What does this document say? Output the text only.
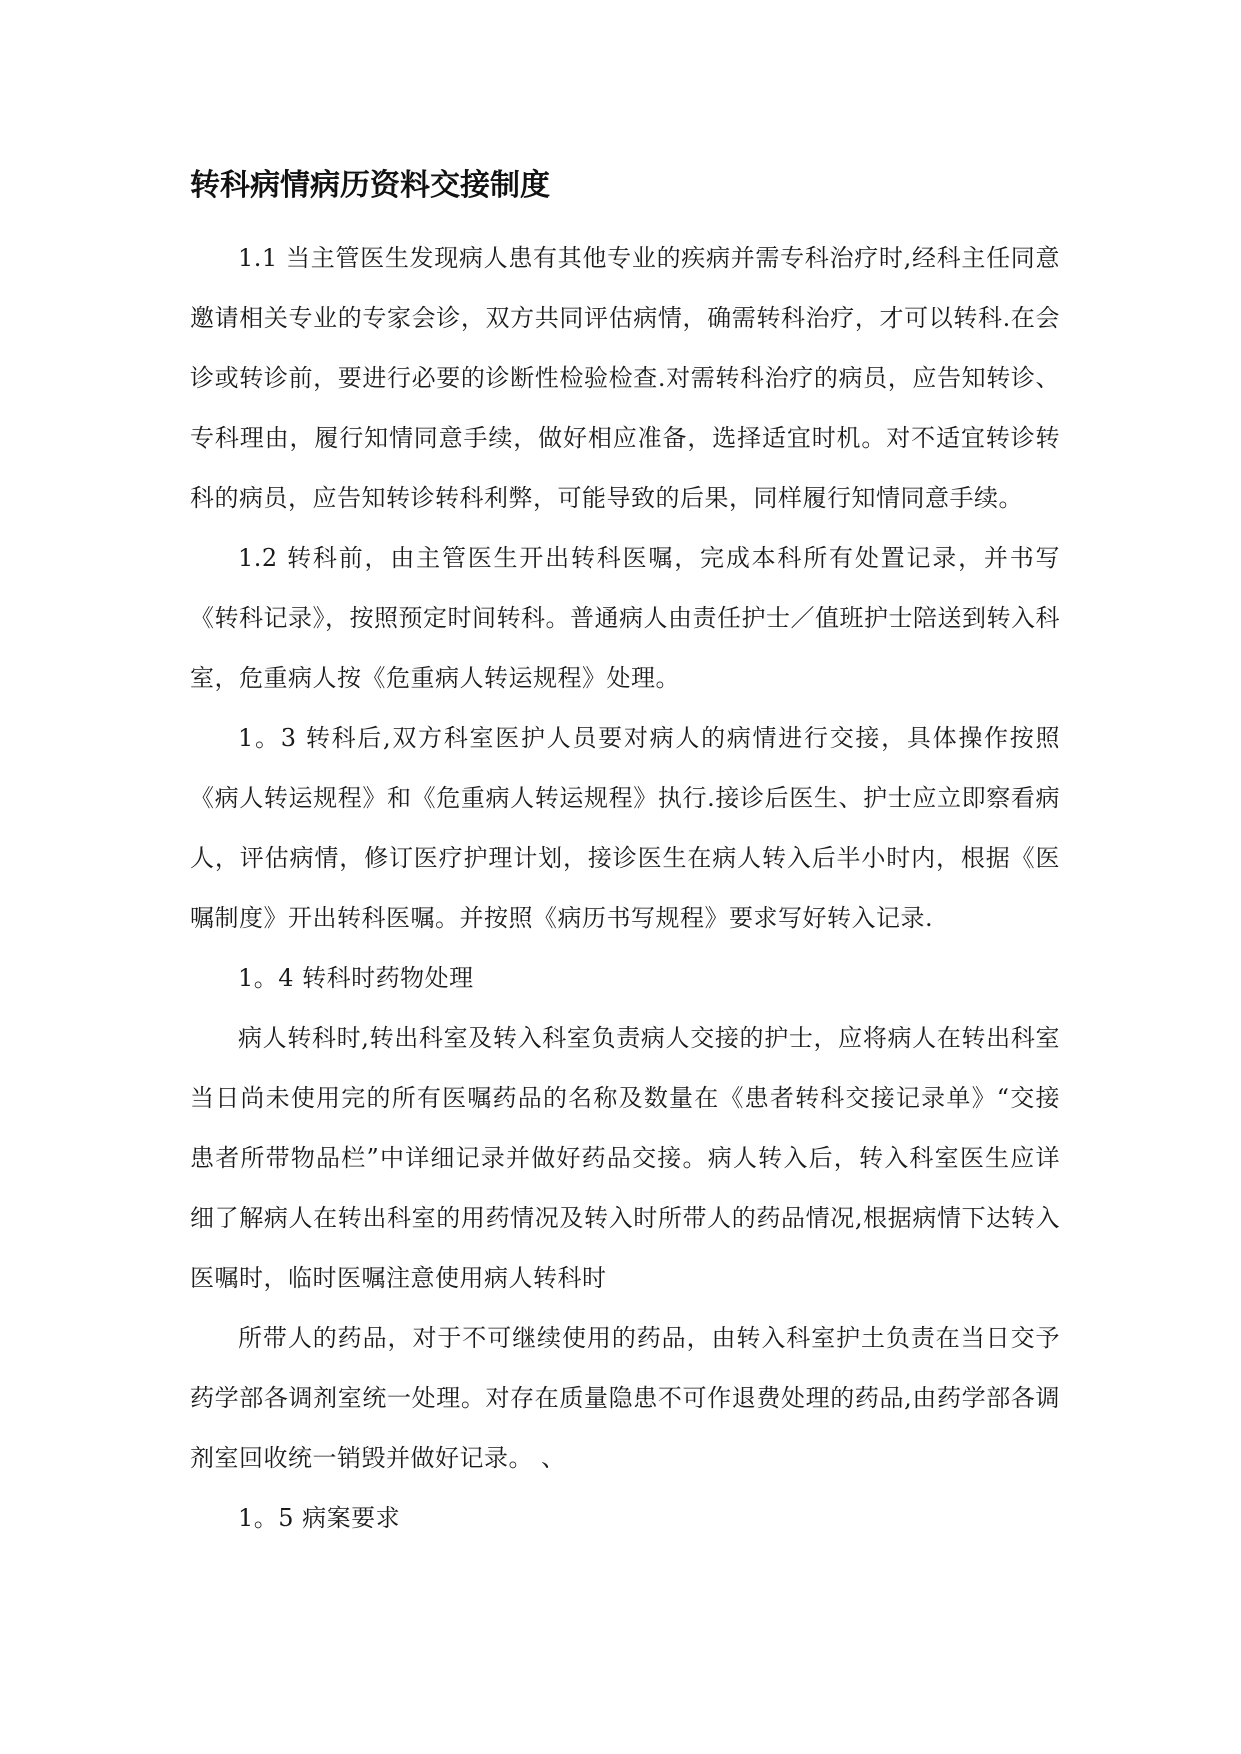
转科病情病历资料交接制度

1.1 当主管医生发现病人患有其他专业的疾病并需专科治疗时,经科主任同意邀请相关专业的专家会诊，双方共同评估病情，确需转科治疗，才可以转科.在会诊或转诊前，要进行必要的诊断性检验检查.对需转科治疗的病员，应告知转诊、专科理由，履行知情同意手续，做好相应准备，选择适宜时机。对不适宜转诊转科的病员，应告知转诊转科利弊，可能导致的后果，同样履行知情同意手续。

1.2 转科前，由主管医生开出转科医嘱，完成本科所有处置记录，并书写《转科记录》，按照预定时间转科。普通病人由责任护士／值班护士陪送到转入科室，危重病人按《危重病人转运规程》处理。

1。3 转科后,双方科室医护人员要对病人的病情进行交接，具体操作按照《病人转运规程》和《危重病人转运规程》执行.接诊后医生、护士应立即察看病人，评估病情，修订医疗护理计划，接诊医生在病人转入后半小时内，根据《医嘱制度》开出转科医嘱。并按照《病历书写规程》要求写好转入记录.

1。4 转科时药物处理

病人转科时,转出科室及转入科室负责病人交接的护士，应将病人在转出科室当日尚未使用完的所有医嘱药品的名称及数量在《患者转科交接记录单》“交接患者所带物品栏”中详细记录并做好药品交接。病人转入后，转入科室医生应详细了解病人在转出科室的用药情况及转入时所带人的药品情况,根据病情下达转入医嘱时，临时医嘱注意使用病人转科时

所带人的药品，对于不可继续使用的药品，由转入科室护土负责在当日交予药学部各调剂室统一处理。对存在质量隐患不可作退费处理的药品,由药学部各调剂室回收统一销毁并做好记录。 、

1。5 病案要求
